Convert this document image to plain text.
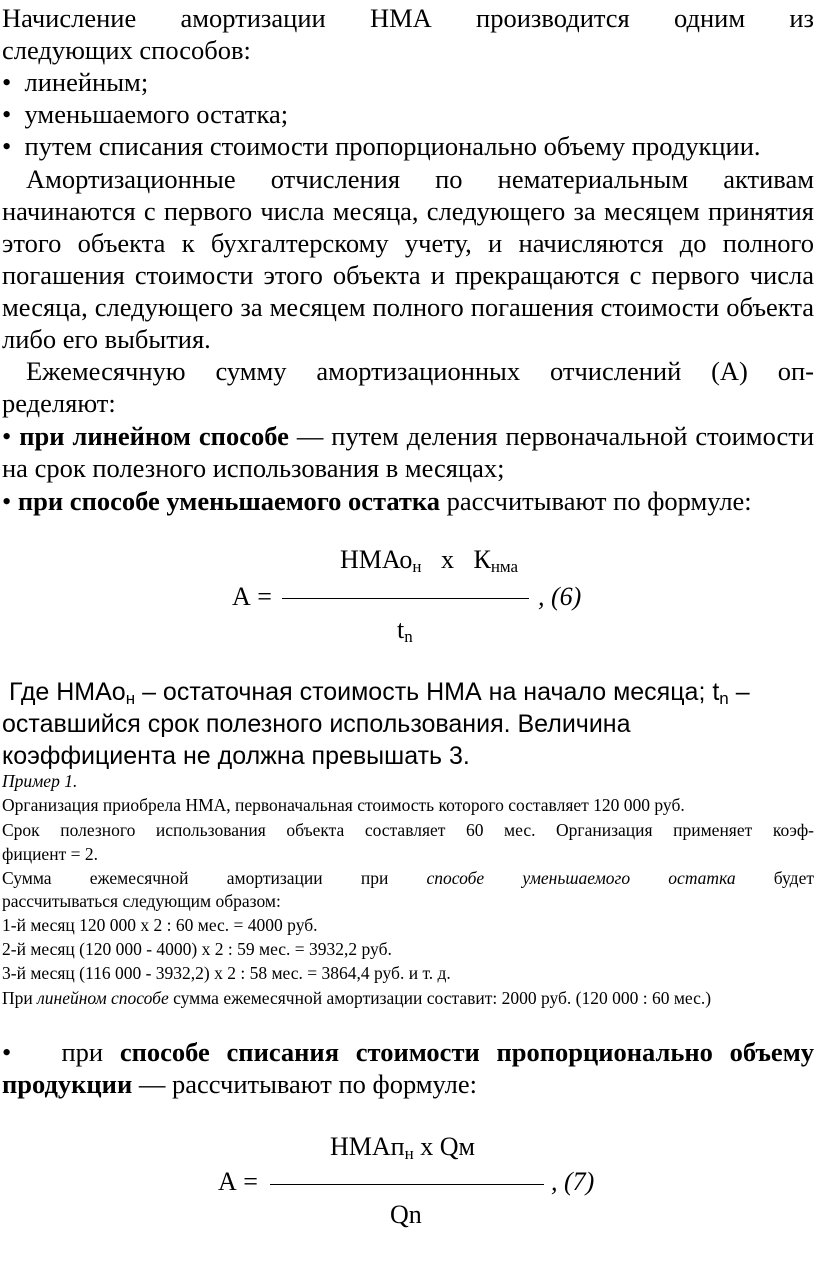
Начисление амортизации НМА производится одним из
следующих способов:
• линейным;
• уменьшаемого остатка;
• путем списания стоимости пропорционально объему продукции.
Амортизационные отчисления по нематериальным активам начинаются с первого числа месяца, следующего за месяцем принятия этого объекта к бухгалтерскому учету, и начисляются до полного погашения стоимости этого объекта и прекращаются с первого числа месяца, следующего за месяцем полного погашения стоимости объекта либо его выбытия.
Ежемесячную сумму амортизационных отчислений (А) оп-
ределяют:
• при линейном способе — путем деления первоначальной стоимости на срок полезного использования в месяцах;
• при способе уменьшаемого остатка рассчитывают по формуле:
НМАо$_н$ x $К_{нма}$
А =	, (6)
$t_n$
Где НМАо$_н$ – остаточная стоимость НМА на начало месяца; $t_n$ –
оставшийся срок полезного использования. Величина
коэффициента не должна превышать 3.
Пример 1.
Организация приобрела НМА, первоначальная стоимость которого составляет 120 000 руб.
Срок полезного использования объекта составляет 60 мес. Организация применяет коэф-
фициент = 2.
Сумма ежемесячной амортизации при способе уменьшаемого остатка будет
рассчитываться следующим образом:
1-й месяц 120 000 х 2 : 60 мес. = 4000 руб.
2-й месяц (120 000 - 4000) х 2 : 59 мес. = 3932,2 руб.
3-й месяц (116 000 - 3932,2) х 2 : 58 мес. = 3864,4 руб. и т. д.
При линейном способе сумма ежемесячной амортизации составит: 2000 руб. (120 000 : 60 мес.)
• при способе списания стоимости пропорционально объему продукции — рассчитывают по формуле:
НМАп$_н$ x Qм
А =	, (7)
Qn
